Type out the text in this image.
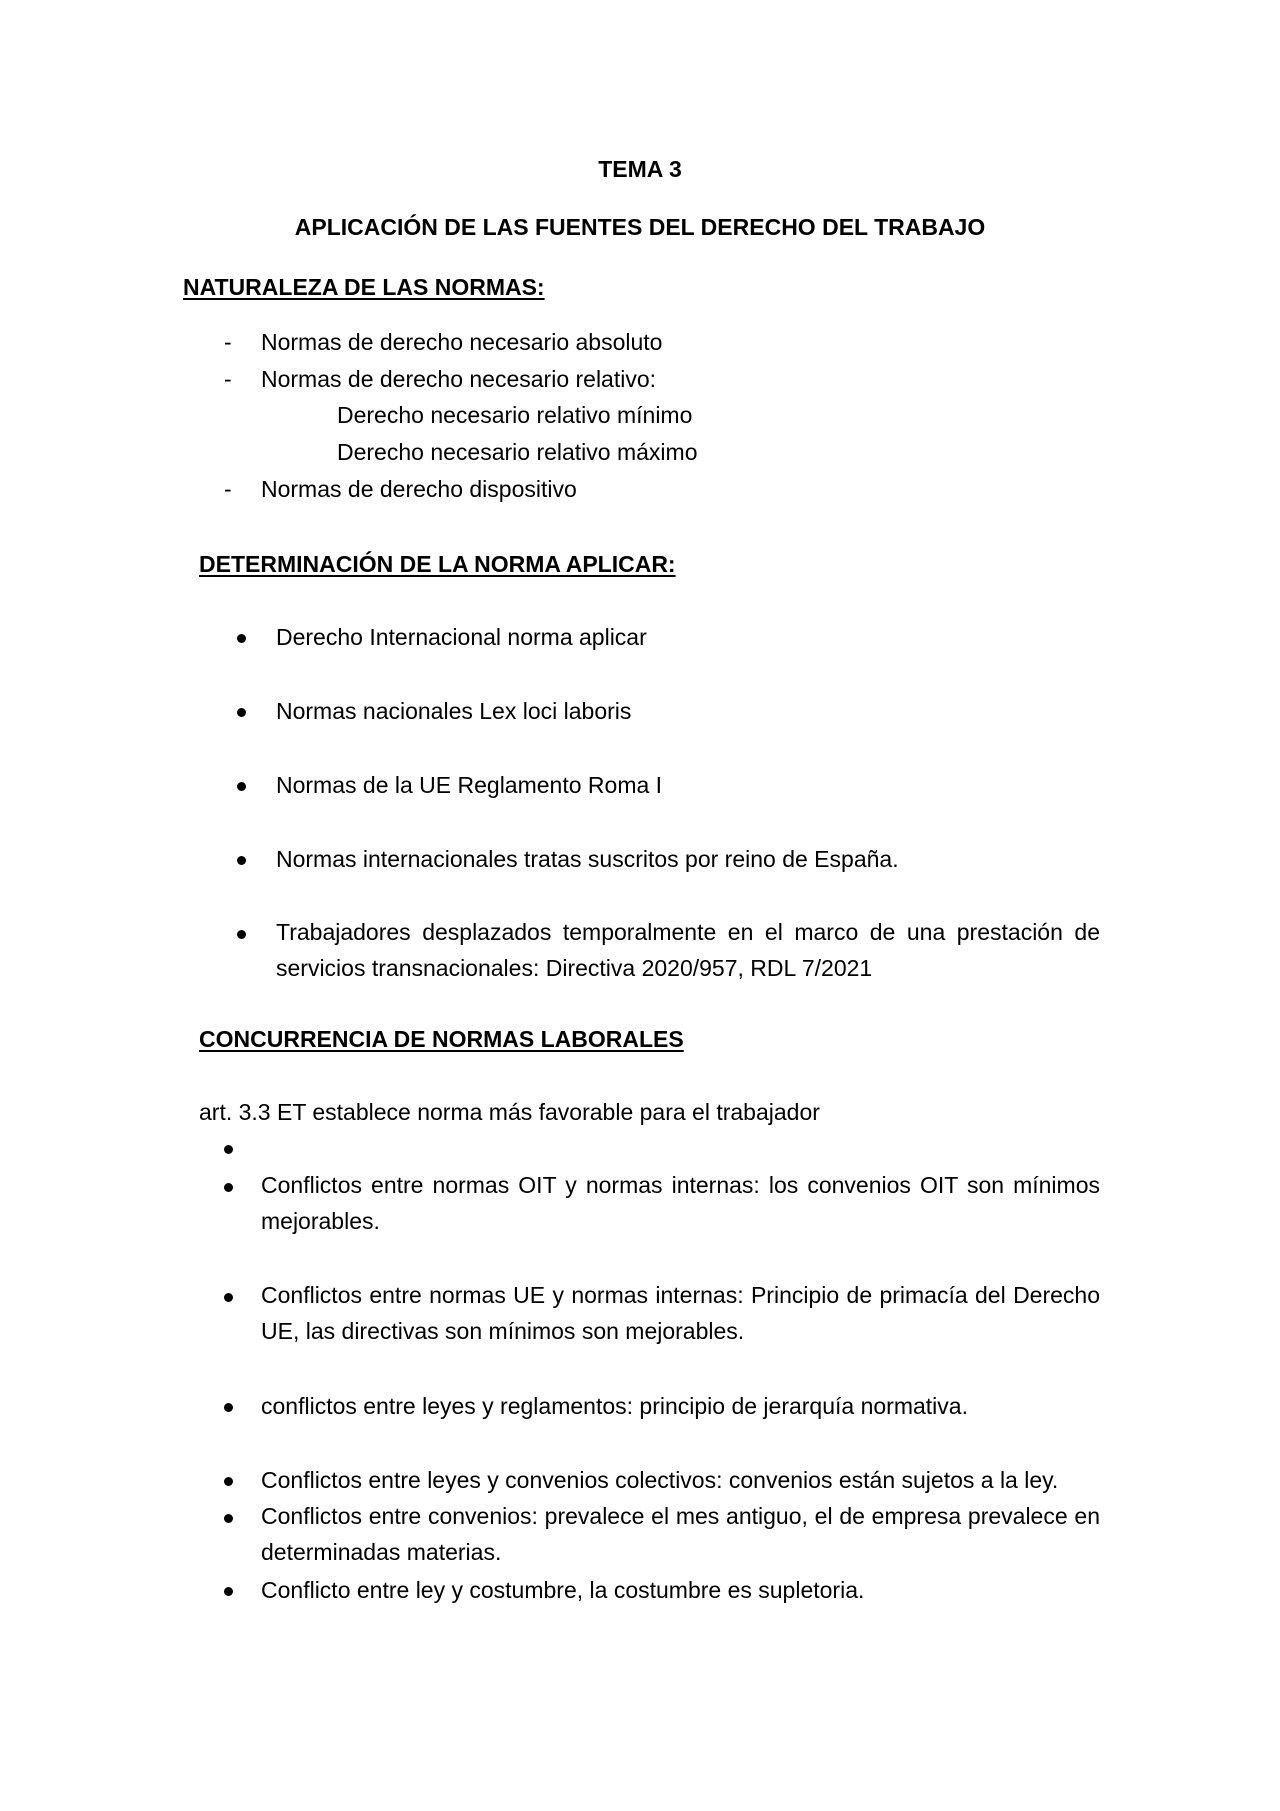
TEMA 3
APLICACIÓN DE LAS FUENTES DEL DERECHO DEL TRABAJO
NATURALEZA DE LAS NORMAS:
- Normas de derecho necesario absoluto
- Normas de derecho necesario relativo:
Derecho necesario relativo mínimo
Derecho necesario relativo máximo
- Normas de derecho dispositivo
DETERMINACIÓN DE LA NORMA APLICAR:
Derecho Internacional norma aplicar
Normas nacionales Lex loci laboris
Normas de la UE Reglamento Roma I
Normas internacionales tratas suscritos por reino de España.
Trabajadores desplazados temporalmente en el marco de una prestación de servicios transnacionales: Directiva 2020/957, RDL 7/2021
CONCURRENCIA DE NORMAS LABORALES
art. 3.3 ET establece norma más favorable para el trabajador
Conflictos entre normas OIT y normas internas: los convenios OIT son mínimos mejorables.
Conflictos entre normas UE y normas internas: Principio de primacía del Derecho UE, las directivas son mínimos son mejorables.
conflictos entre leyes y reglamentos: principio de jerarquía normativa.
Conflictos entre leyes y convenios colectivos: convenios están sujetos a la ley.
Conflictos entre convenios: prevalece el mes antiguo, el de empresa prevalece en determinadas materias.
Conflicto entre ley y costumbre, la costumbre es supletoria.
